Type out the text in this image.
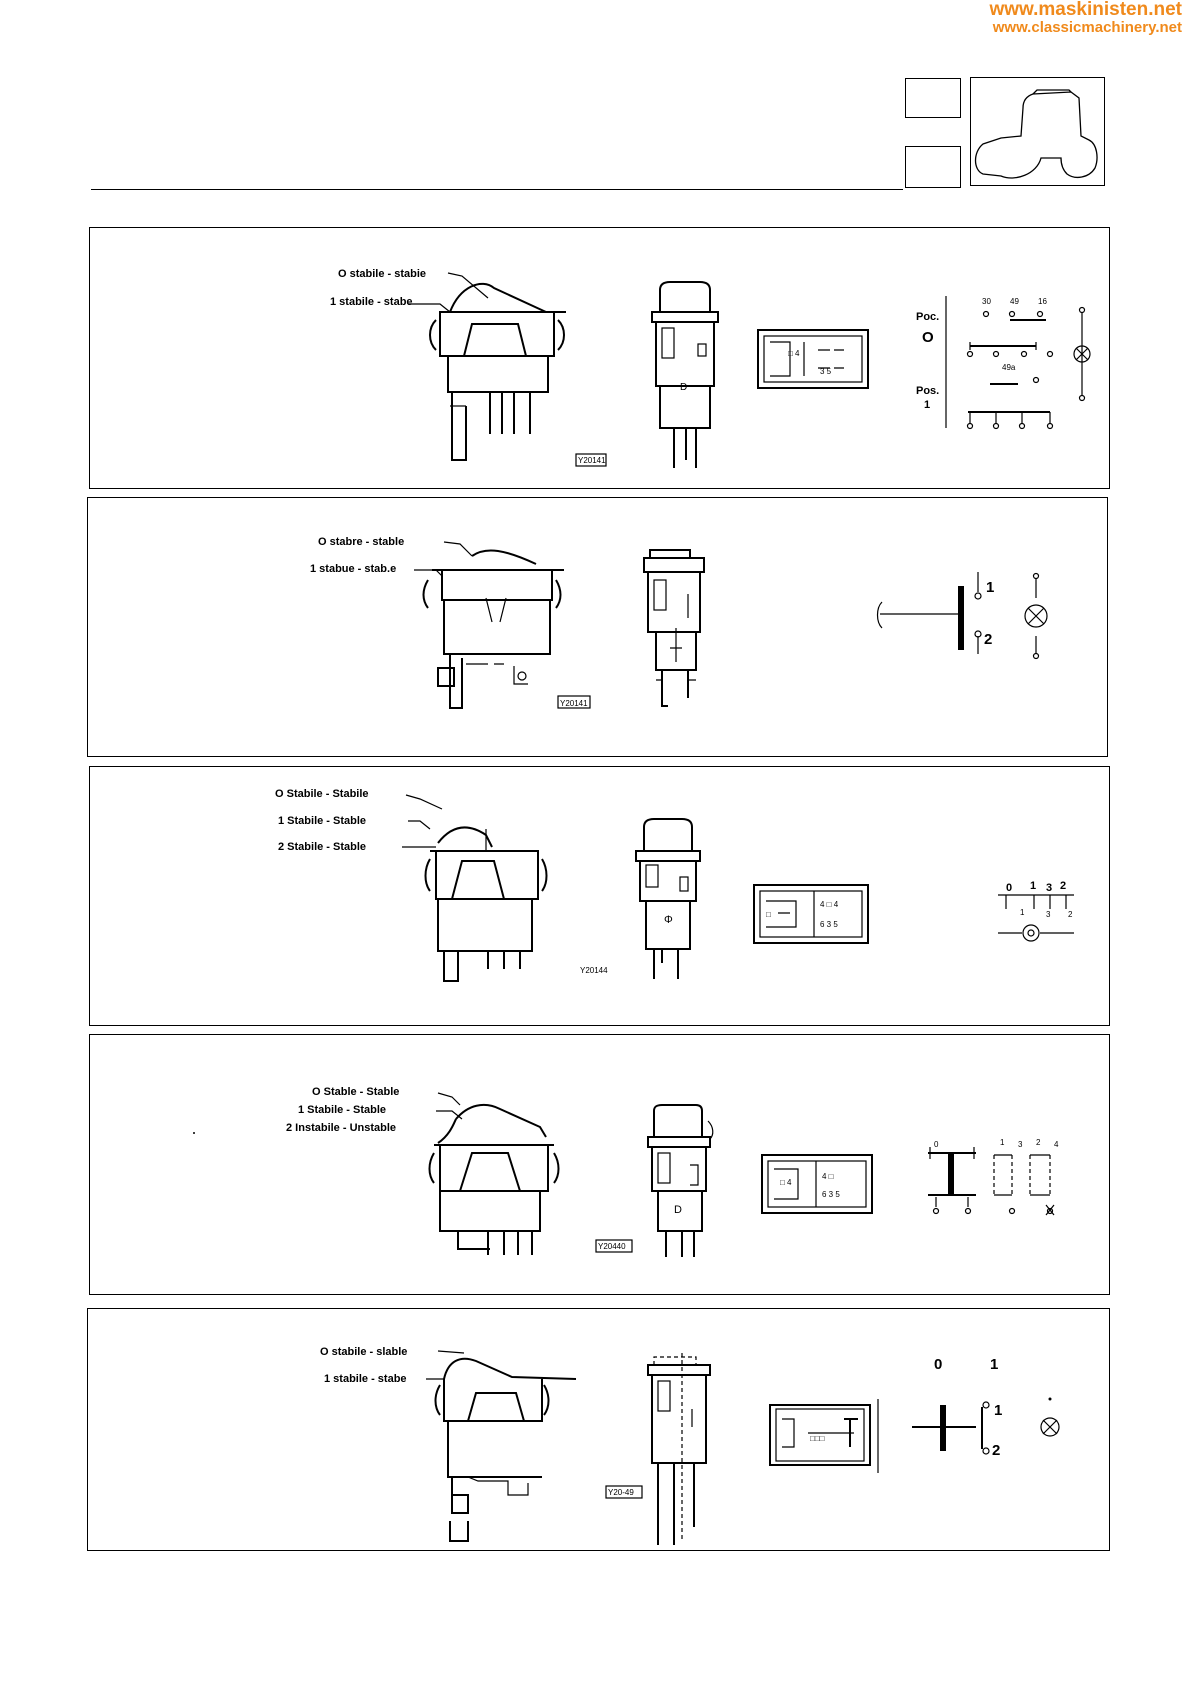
www.maskinisten.net
www.classicmachinery.net
O stabile - stabie
1 stabile - stabe
Y20141
D
□ 4
3 5
Poc.
O
Pos.
1
30 49 16
49a
O stabre - stable
1 stabue - stab.e
Y20141
1
2
O Stabile - Stabile
1 Stabile - Stable
2 Stabile - Stable
Y20144
Φ	□
4 □ 4
6 3 5
0 1 3 2
1	3 2
O Stable - Stable
1 Stabile - Stable
2 Instabile - Unstable
Y20440
D
□ 4
4 □
6 3 5
0	1 3 2 4
O stabile - slable
1 stabile - stabe
Y20-49
□□□
0	1
1
2
